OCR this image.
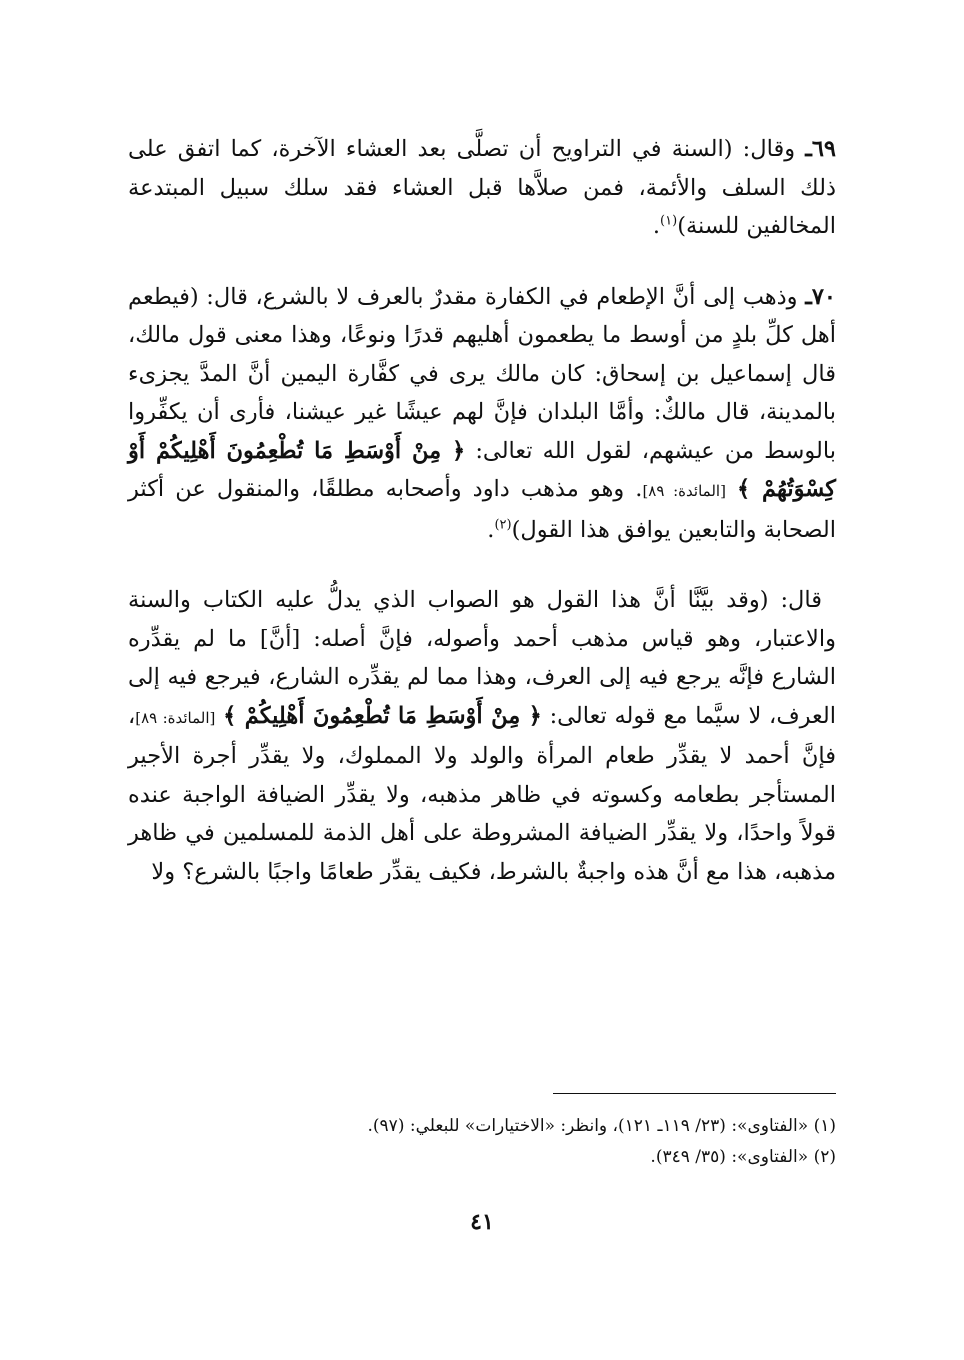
٦٩ـ وقال: (السنة في التراويح أن تصلَّى بعد العشاء الآخرة، كما اتفق على ذلك السلف والأئمة، فمن صلاَّها قبل العشاء فقد سلك سبيل المبتدعة المخالفين للسنة)$^{(١)}$.

٧٠ـ وذهب إلى أنَّ الإطعام في الكفارة مقدرٌ بالعرف لا بالشرع، قال: (فيطعم أهل كلِّ بلدٍ من أوسط ما يطعمون أهليهم قدرًا ونوعًا، وهذا معنى قول مالك، قال إسماعيل بن إسحاق: كان مالك يرى في كفَّارة اليمين أنَّ المدَّ يجزىء بالمدينة، قال مالكٌ: وأمَّا البلدان فإنَّ لهم عيشًا غير عيشنا، فأرى أن يكفِّروا بالوسط من عيشهم، لقول الله تعالى: ﴿ مِنْ أَوْسَطِ مَا تُطْعِمُونَ أَهْلِيكُمْ أَوْ كِسْوَتُهُمْ ﴾ [المائدة: ٨٩]. وهو مذهب داود وأصحابه مطلقًا، والمنقول عن أكثر الصحابة والتابعين يوافق هذا القول)$^{(٢)}$.

قال: (وقد بيَّنَّا أنَّ هذا القول هو الصواب الذي يدلُّ عليه الكتاب والسنة والاعتبار، وهو قياس مذهب أحمد وأصوله، فإنَّ أصله: [أنَّ] ما لم يقدِّره الشارع فإنَّه يرجع فيه إلى العرف، وهذا مما لم يقدِّره الشارع، فيرجع فيه إلى العرف، لا سيَّما مع قوله تعالى: ﴿ مِنْ أَوْسَطِ مَا تُطْعِمُونَ أَهْلِيكُمْ ﴾ [المائدة: ٨٩]، فإنَّ أحمد لا يقدِّر طعام المرأة والولد ولا المملوك، ولا يقدِّر أجرة الأجير المستأجر بطعامه وكسوته في ظاهر مذهبه، ولا يقدِّر الضيافة الواجبة عنده قولاً واحدًا، ولا يقدِّر الضيافة المشروطة على أهل الذمة للمسلمين في ظاهر مذهبه، هذا مع أنَّ هذه واجبةٌ بالشرط، فكيف يقدِّر طعامًا واجبًا بالشرع؟ ولا

(١) «الفتاوى»: (٢٣/ ١١٩ـ ١٢١)، وانظر: «الاختيارات» للبعلي: (٩٧).

(٢) «الفتاوى»: (٣٥/ ٣٤٩).

٤١
